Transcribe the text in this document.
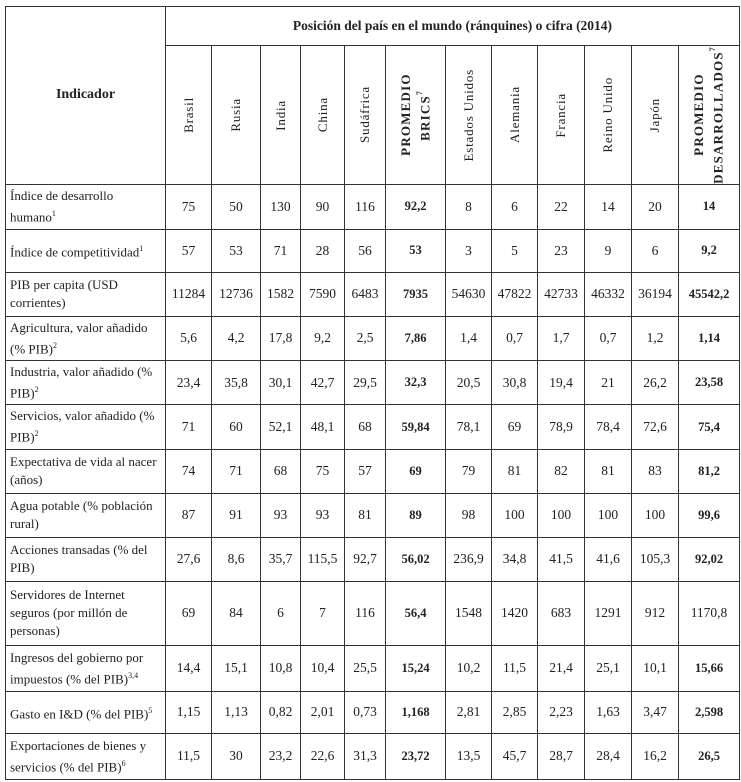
Indicador	Posición del país en el mundo (ránquines) o cifra (2014)											

	Brasil	Rusia	India	China	Sudáfrica	PROMEDIO BRICS$^7$	Estados Unidos	Alemania	Francia	Reino Unido	Japón	PROMEDIO DESARROLLADOS$^7$

Índice de desarrollo humano$^1$	75	50	130	90	116	92,2	8	6	22	14	20	14
Índice de competitividad$^1$	57	53	71	28	56	53	3	5	23	9	6	9,2
PIB per capita (USD corrientes)	11284	12736	1582	7590	6483	7935	54630	47822	42733	46332	36194	45542,2
Agricultura, valor añadido (% PIB)$^2$	5,6	4,2	17,8	9,2	2,5	7,86	1,4	0,7	1,7	0,7	1,2	1,14
Industria, valor añadido (% PIB)$^2$	23,4	35,8	30,1	42,7	29,5	32,3	20,5	30,8	19,4	21	26,2	23,58
Servicios, valor añadido (% PIB)$^2$	71	60	52,1	48,1	68	59,84	78,1	69	78,9	78,4	72,6	75,4
Expectativa de vida al nacer (años)	74	71	68	75	57	69	79	81	82	81	83	81,2
Agua potable (% población rural)	87	91	93	93	81	89	98	100	100	100	100	99,6
Acciones transadas (% del PIB)	27,6	8,6	35,7	115,5	92,7	56,02	236,9	34,8	41,5	41,6	105,3	92,02
Servidores de Internet seguros (por millón de personas)	69	84	6	7	116	56,4	1548	1420	683	1291	912	1170,8
Ingresos del gobierno por impuestos (% del PIB)$^{3,4}$	14,4	15,1	10,8	10,4	25,5	15,24	10,2	11,5	21,4	25,1	10,1	15,66
Gasto en I&D (% del PIB)$^5$	1,15	1,13	0,82	2,01	0,73	1,168	2,81	2,85	2,23	1,63	3,47	2,598
Exportaciones de bienes y servicios (% del PIB)$^6$	11,5	30	23,2	22,6	31,3	23,72	13,5	45,7	28,7	28,4	16,2	26,5
